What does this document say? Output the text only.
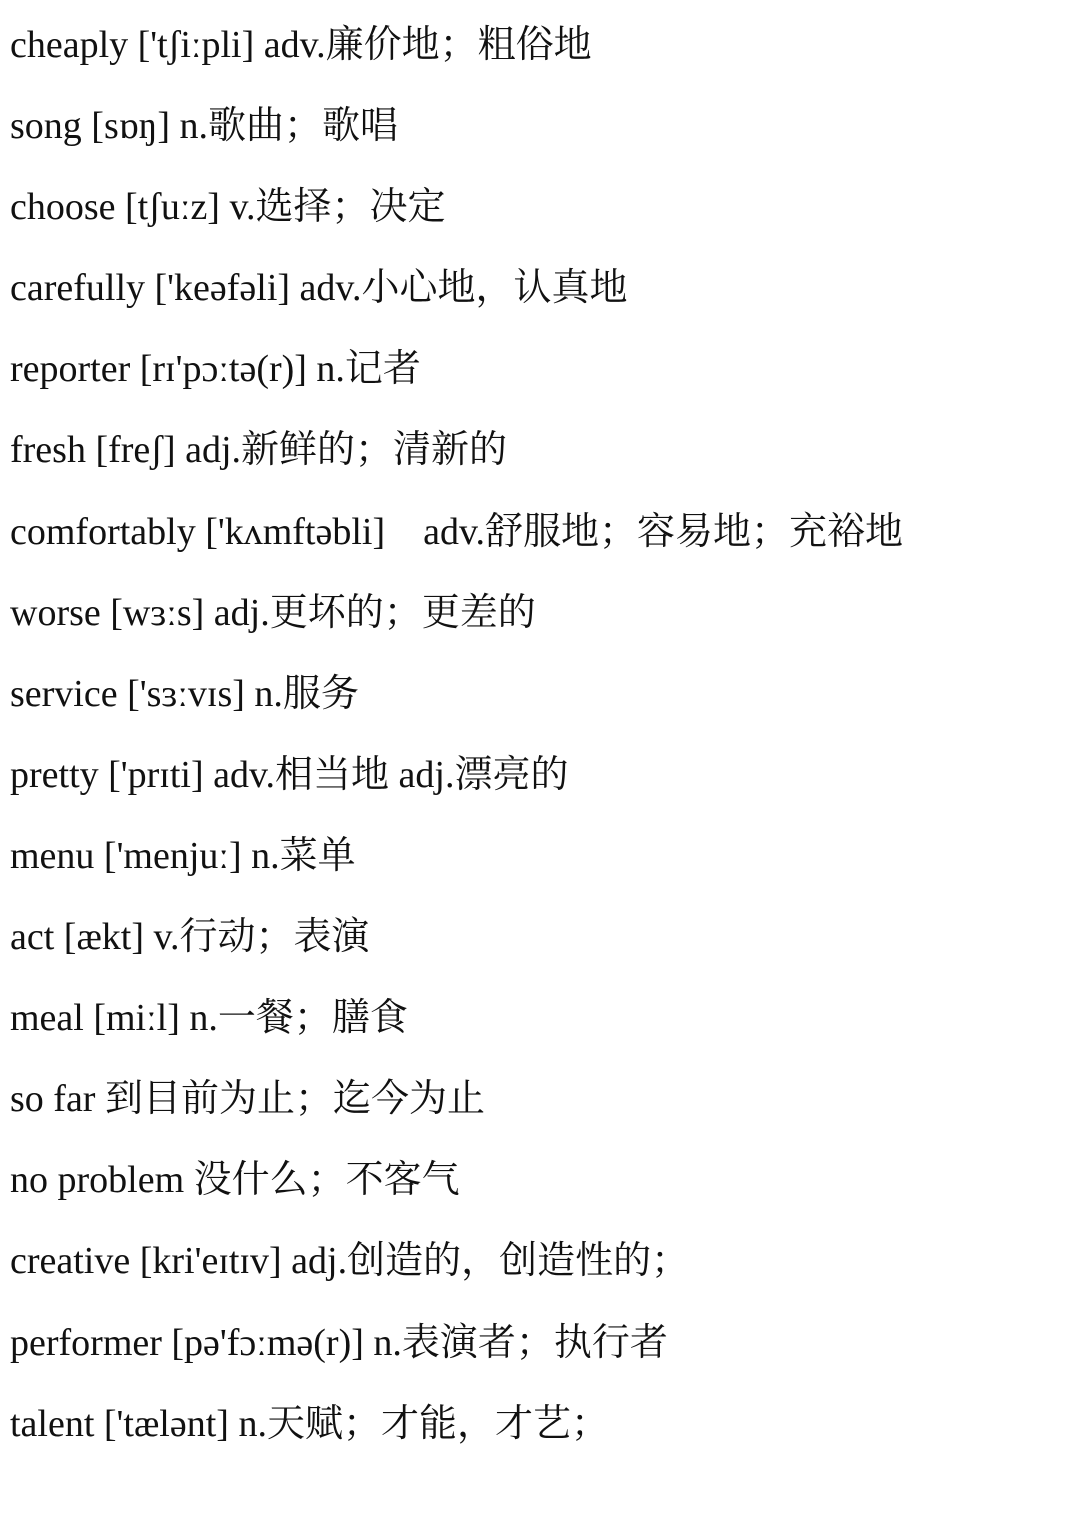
cheaply ['tʃiːpli] adv.廉价地；粗俗地
song [sɒŋ] n.歌曲；歌唱
choose [tʃuːz] v.选择；决定
carefully ['keəfəli] adv.小心地，认真地
reporter [rɪ'pɔːtə(r)] n.记者
fresh [freʃ] adj.新鲜的；清新的
comfortably ['kʌmftəbli]    adv.舒服地；容易地；充裕地
worse [wɜːs] adj.更坏的；更差的
service ['sɜːvɪs] n.服务
pretty ['prɪti] adv.相当地 adj.漂亮的
menu ['menjuː] n.菜单
act [ækt] v.行动；表演
meal [miːl] n.一餐；膳食
so far 到目前为止；迄今为止
no problem 没什么；不客气
creative [kri'eɪtɪv] adj.创造的，创造性的；
performer [pə'fɔːmə(r)] n.表演者；执行者
talent ['tælənt] n.天赋；才能，才艺；
